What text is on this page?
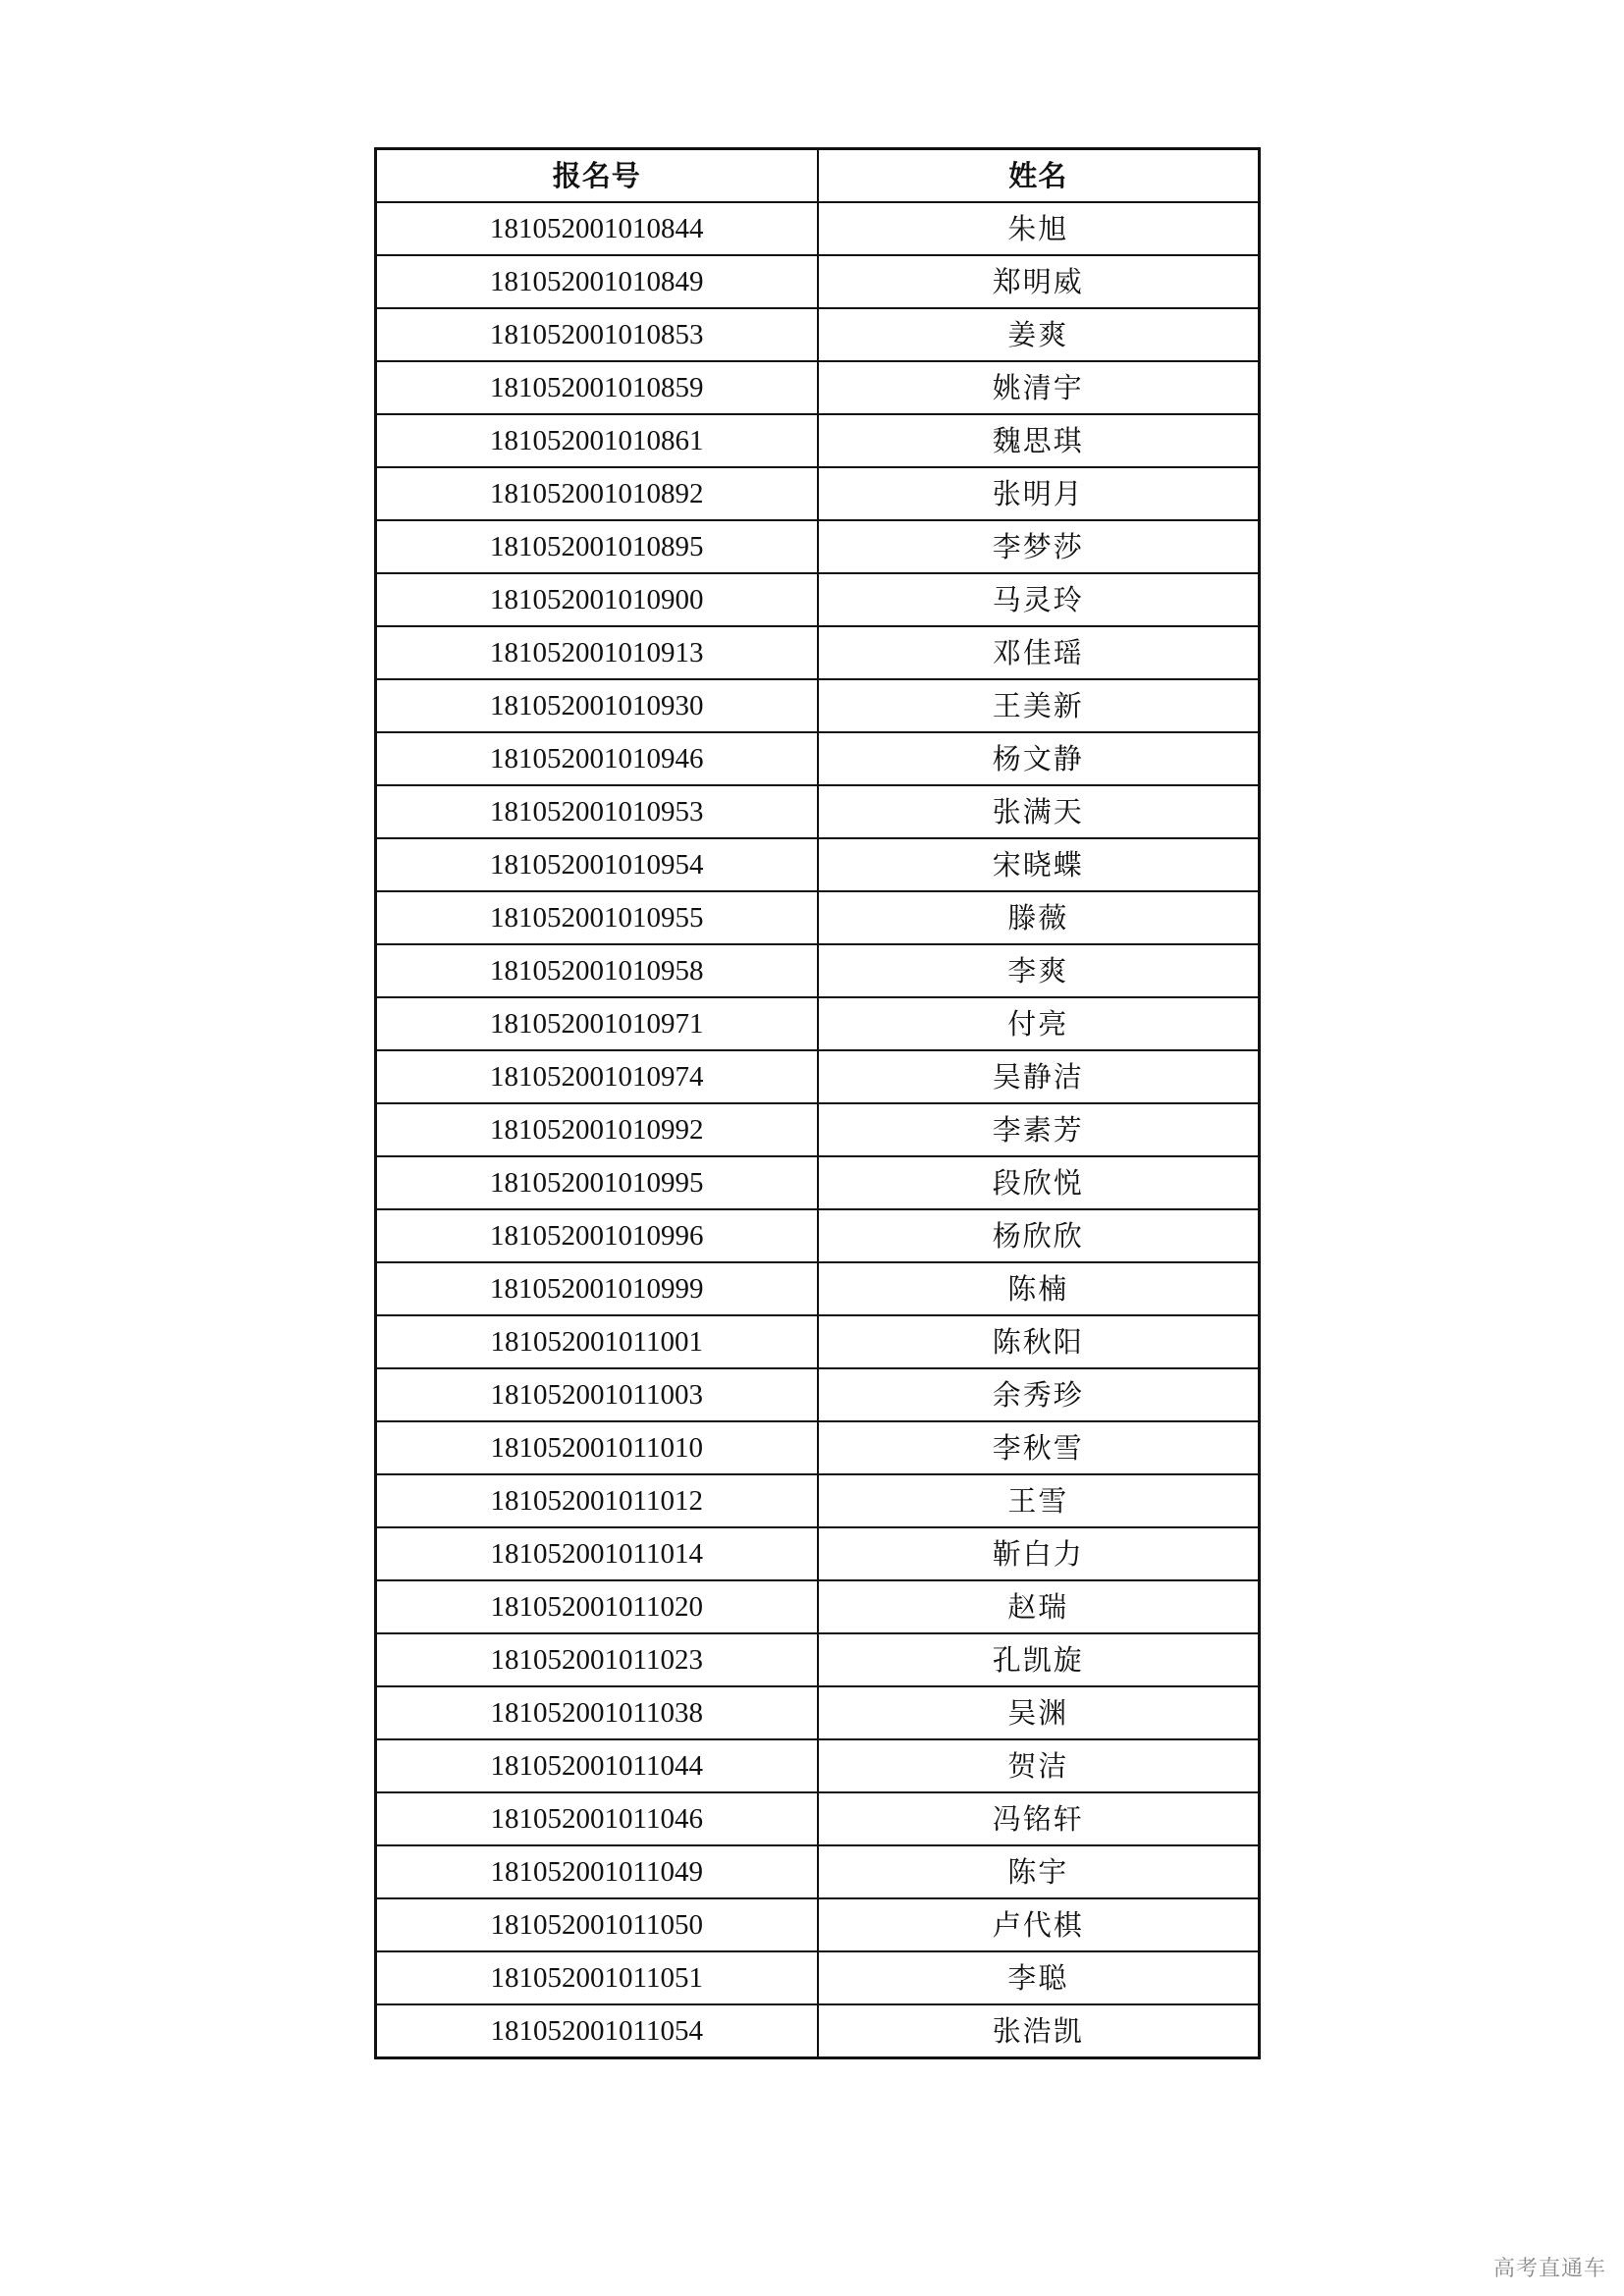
报名号	姓名
181052001010844	朱旭
181052001010849	郑明威
181052001010853	姜爽
181052001010859	姚清宇
181052001010861	魏思琪
181052001010892	张明月
181052001010895	李梦莎
181052001010900	马灵玲
181052001010913	邓佳瑶
181052001010930	王美新
181052001010946	杨文静
181052001010953	张满天
181052001010954	宋晓蝶
181052001010955	滕薇
181052001010958	李爽
181052001010971	付亮
181052001010974	吴静洁
181052001010992	李素芳
181052001010995	段欣悦
181052001010996	杨欣欣
181052001010999	陈楠
181052001011001	陈秋阳
181052001011003	余秀珍
181052001011010	李秋雪
181052001011012	王雪
181052001011014	靳白力
181052001011020	赵瑞
181052001011023	孔凯旋
181052001011038	吴渊
181052001011044	贺洁
181052001011046	冯铭轩
181052001011049	陈宇
181052001011050	卢代棋
181052001011051	李聪
181052001011054	张浩凯
高考直通车
